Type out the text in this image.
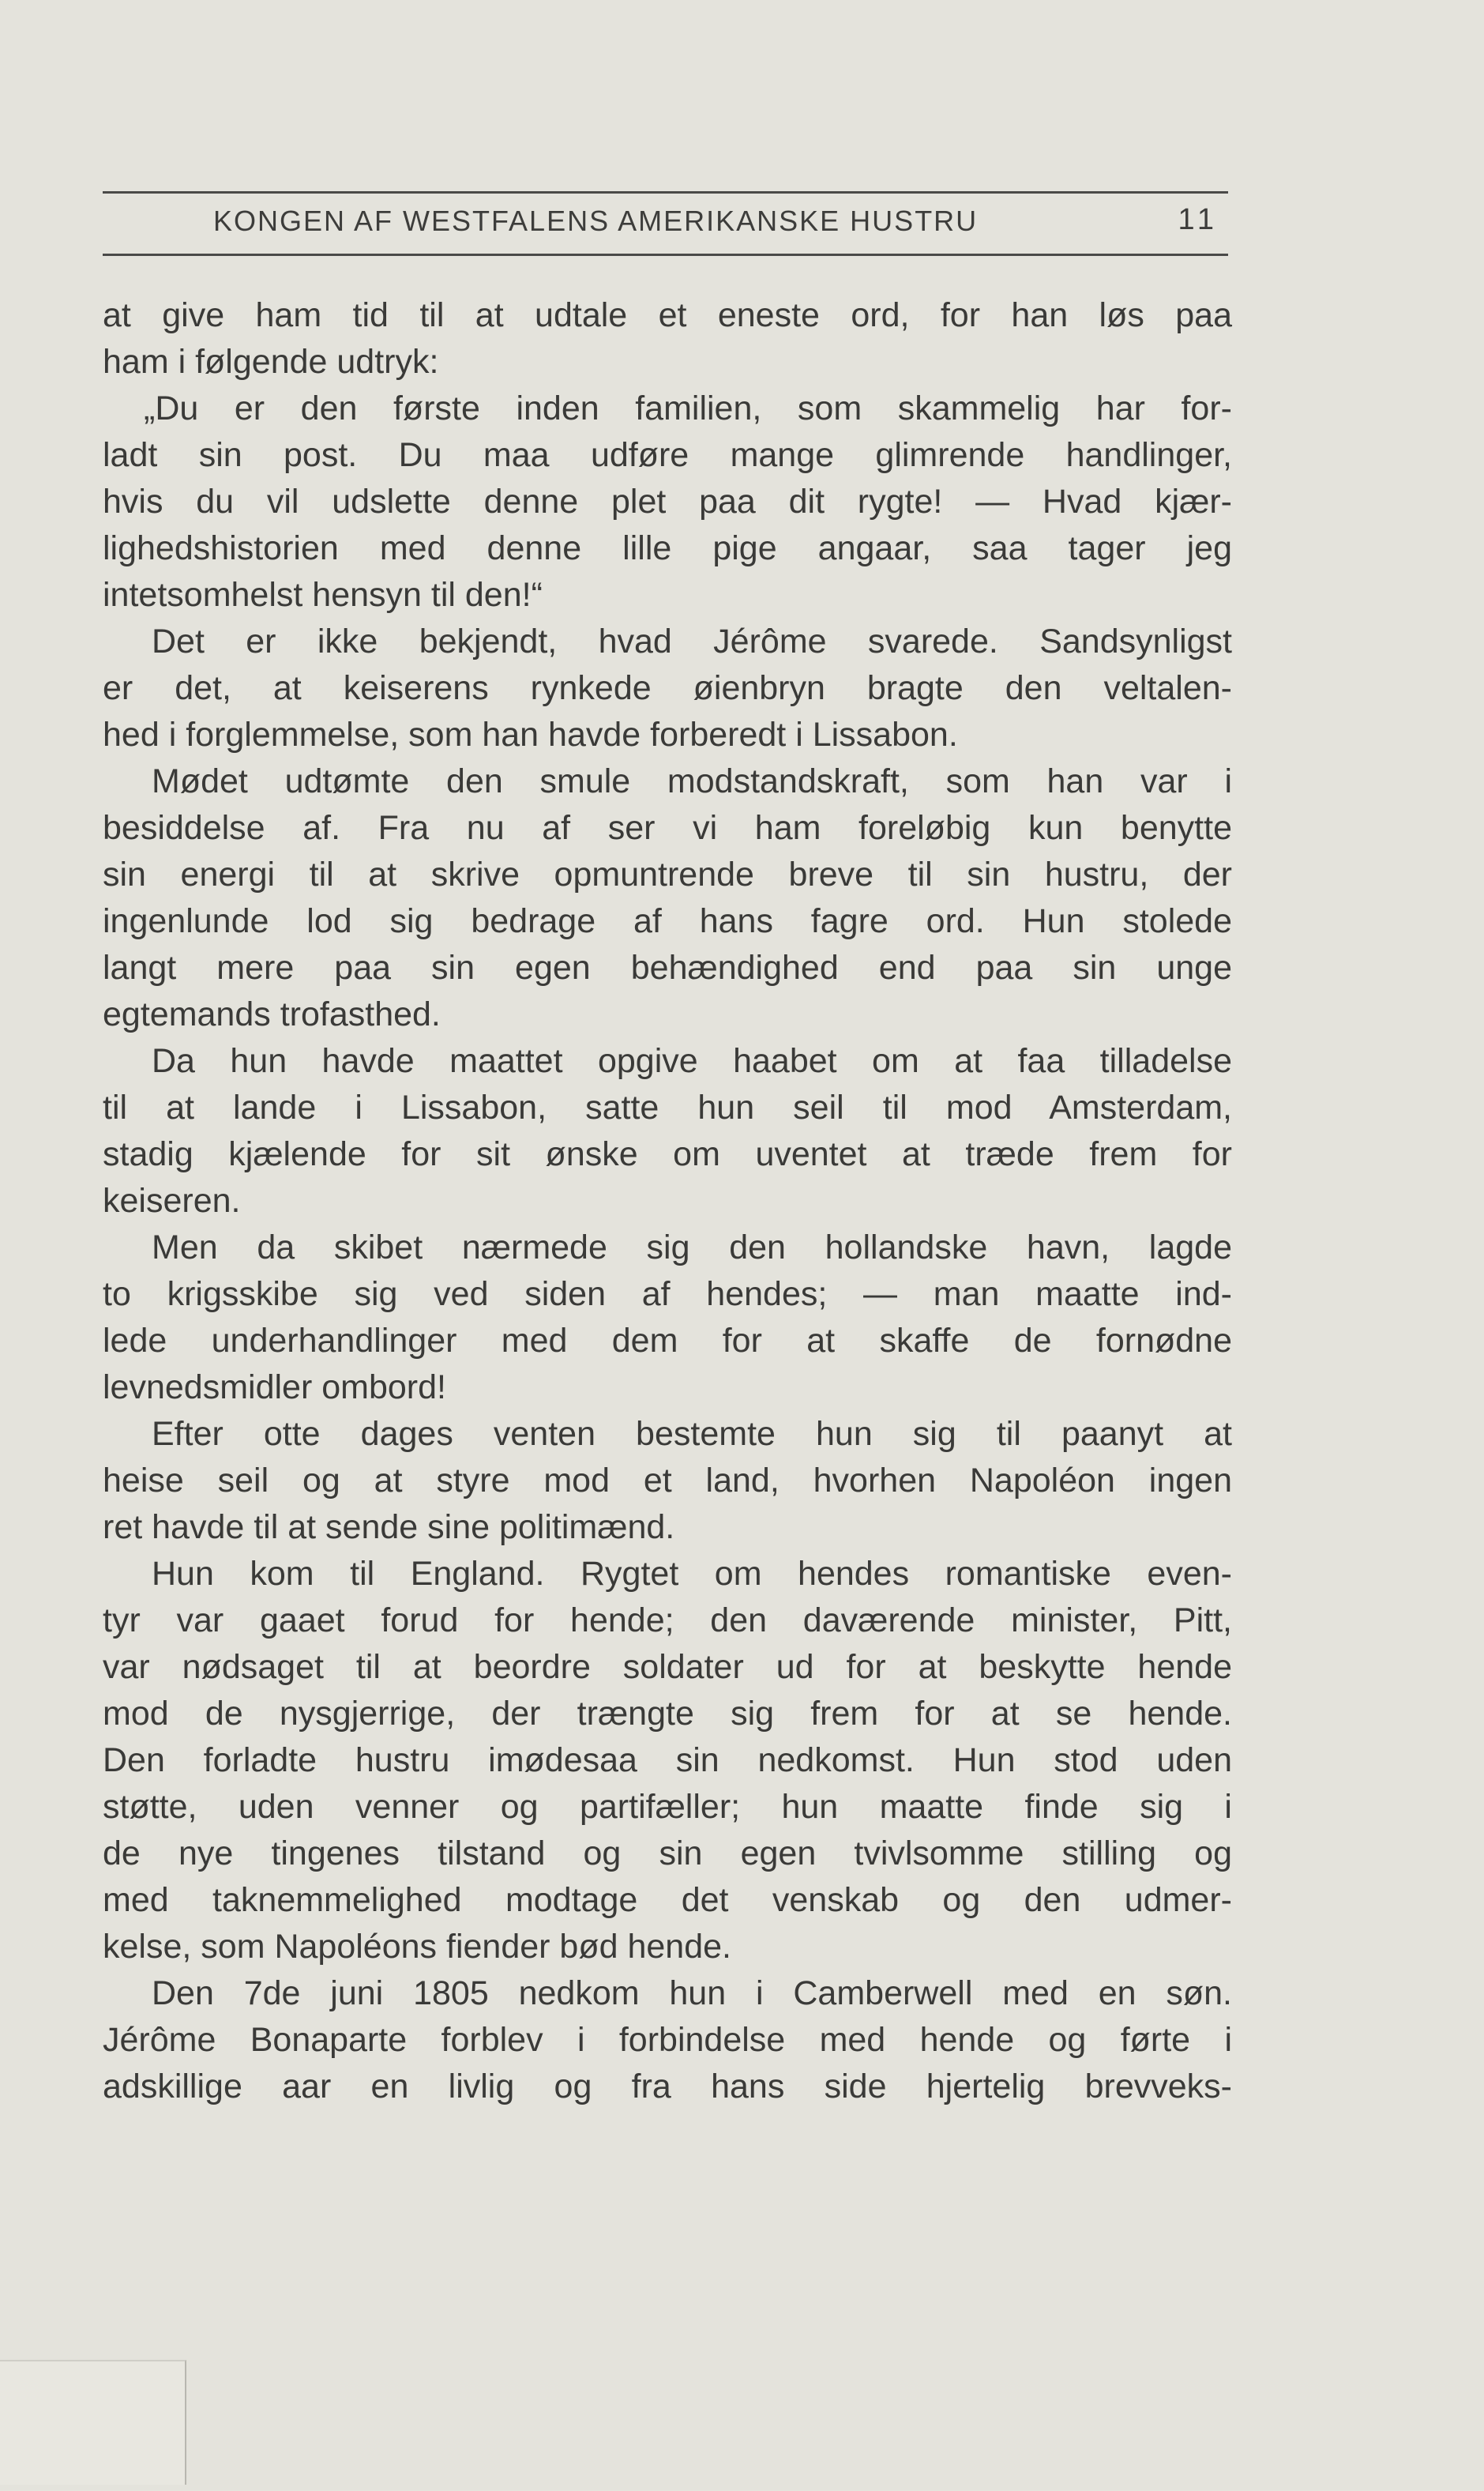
KONGEN AF WESTFALENS AMERIKANSKE HUSTRU	11
at give ham tid til at udtale et eneste ord, for han løs paa
ham i følgende udtryk:
„Du er den første inden familien, som skammelig har for-
ladt sin post. Du maa udføre mange glimrende handlinger,
hvis du vil udslette denne plet paa dit rygte! — Hvad kjær-
lighedshistorien med denne lille pige angaar, saa tager jeg
intetsomhelst hensyn til den!“
Det er ikke bekjendt, hvad Jérôme svarede. Sandsynligst
er det, at keiserens rynkede øienbryn bragte den veltalen-
hed i forglemmelse, som han havde forberedt i Lissabon.
Mødet udtømte den smule modstandskraft, som han var i
besiddelse af. Fra nu af ser vi ham foreløbig kun benytte
sin energi til at skrive opmuntrende breve til sin hustru, der
ingenlunde lod sig bedrage af hans fagre ord. Hun stolede
langt mere paa sin egen behændighed end paa sin unge
egtemands trofasthed.
Da hun havde maattet opgive haabet om at faa tilladelse
til at lande i Lissabon, satte hun seil til mod Amsterdam,
stadig kjælende for sit ønske om uventet at træde frem for
keiseren.
Men da skibet nærmede sig den hollandske havn, lagde
to krigsskibe sig ved siden af hendes; — man maatte ind-
lede underhandlinger med dem for at skaffe de fornødne
levnedsmidler ombord!
Efter otte dages venten bestemte hun sig til paanyt at
heise seil og at styre mod et land, hvorhen Napoléon ingen
ret havde til at sende sine politimænd.
Hun kom til England. Rygtet om hendes romantiske even-
tyr var gaaet forud for hende; den daværende minister, Pitt,
var nødsaget til at beordre soldater ud for at beskytte hende
mod de nysgjerrige, der trængte sig frem for at se hende.
Den forladte hustru imødesaa sin nedkomst. Hun stod uden
støtte, uden venner og partifæller; hun maatte finde sig i
de nye tingenes tilstand og sin egen tvivlsomme stilling og
med taknemmelighed modtage det venskab og den udmer-
kelse, som Napoléons fiender bød hende.
Den 7de juni 1805 nedkom hun i Camberwell med en søn.
Jérôme Bonaparte forblev i forbindelse med hende og førte i
adskillige aar en livlig og fra hans side hjertelig brevveks-
